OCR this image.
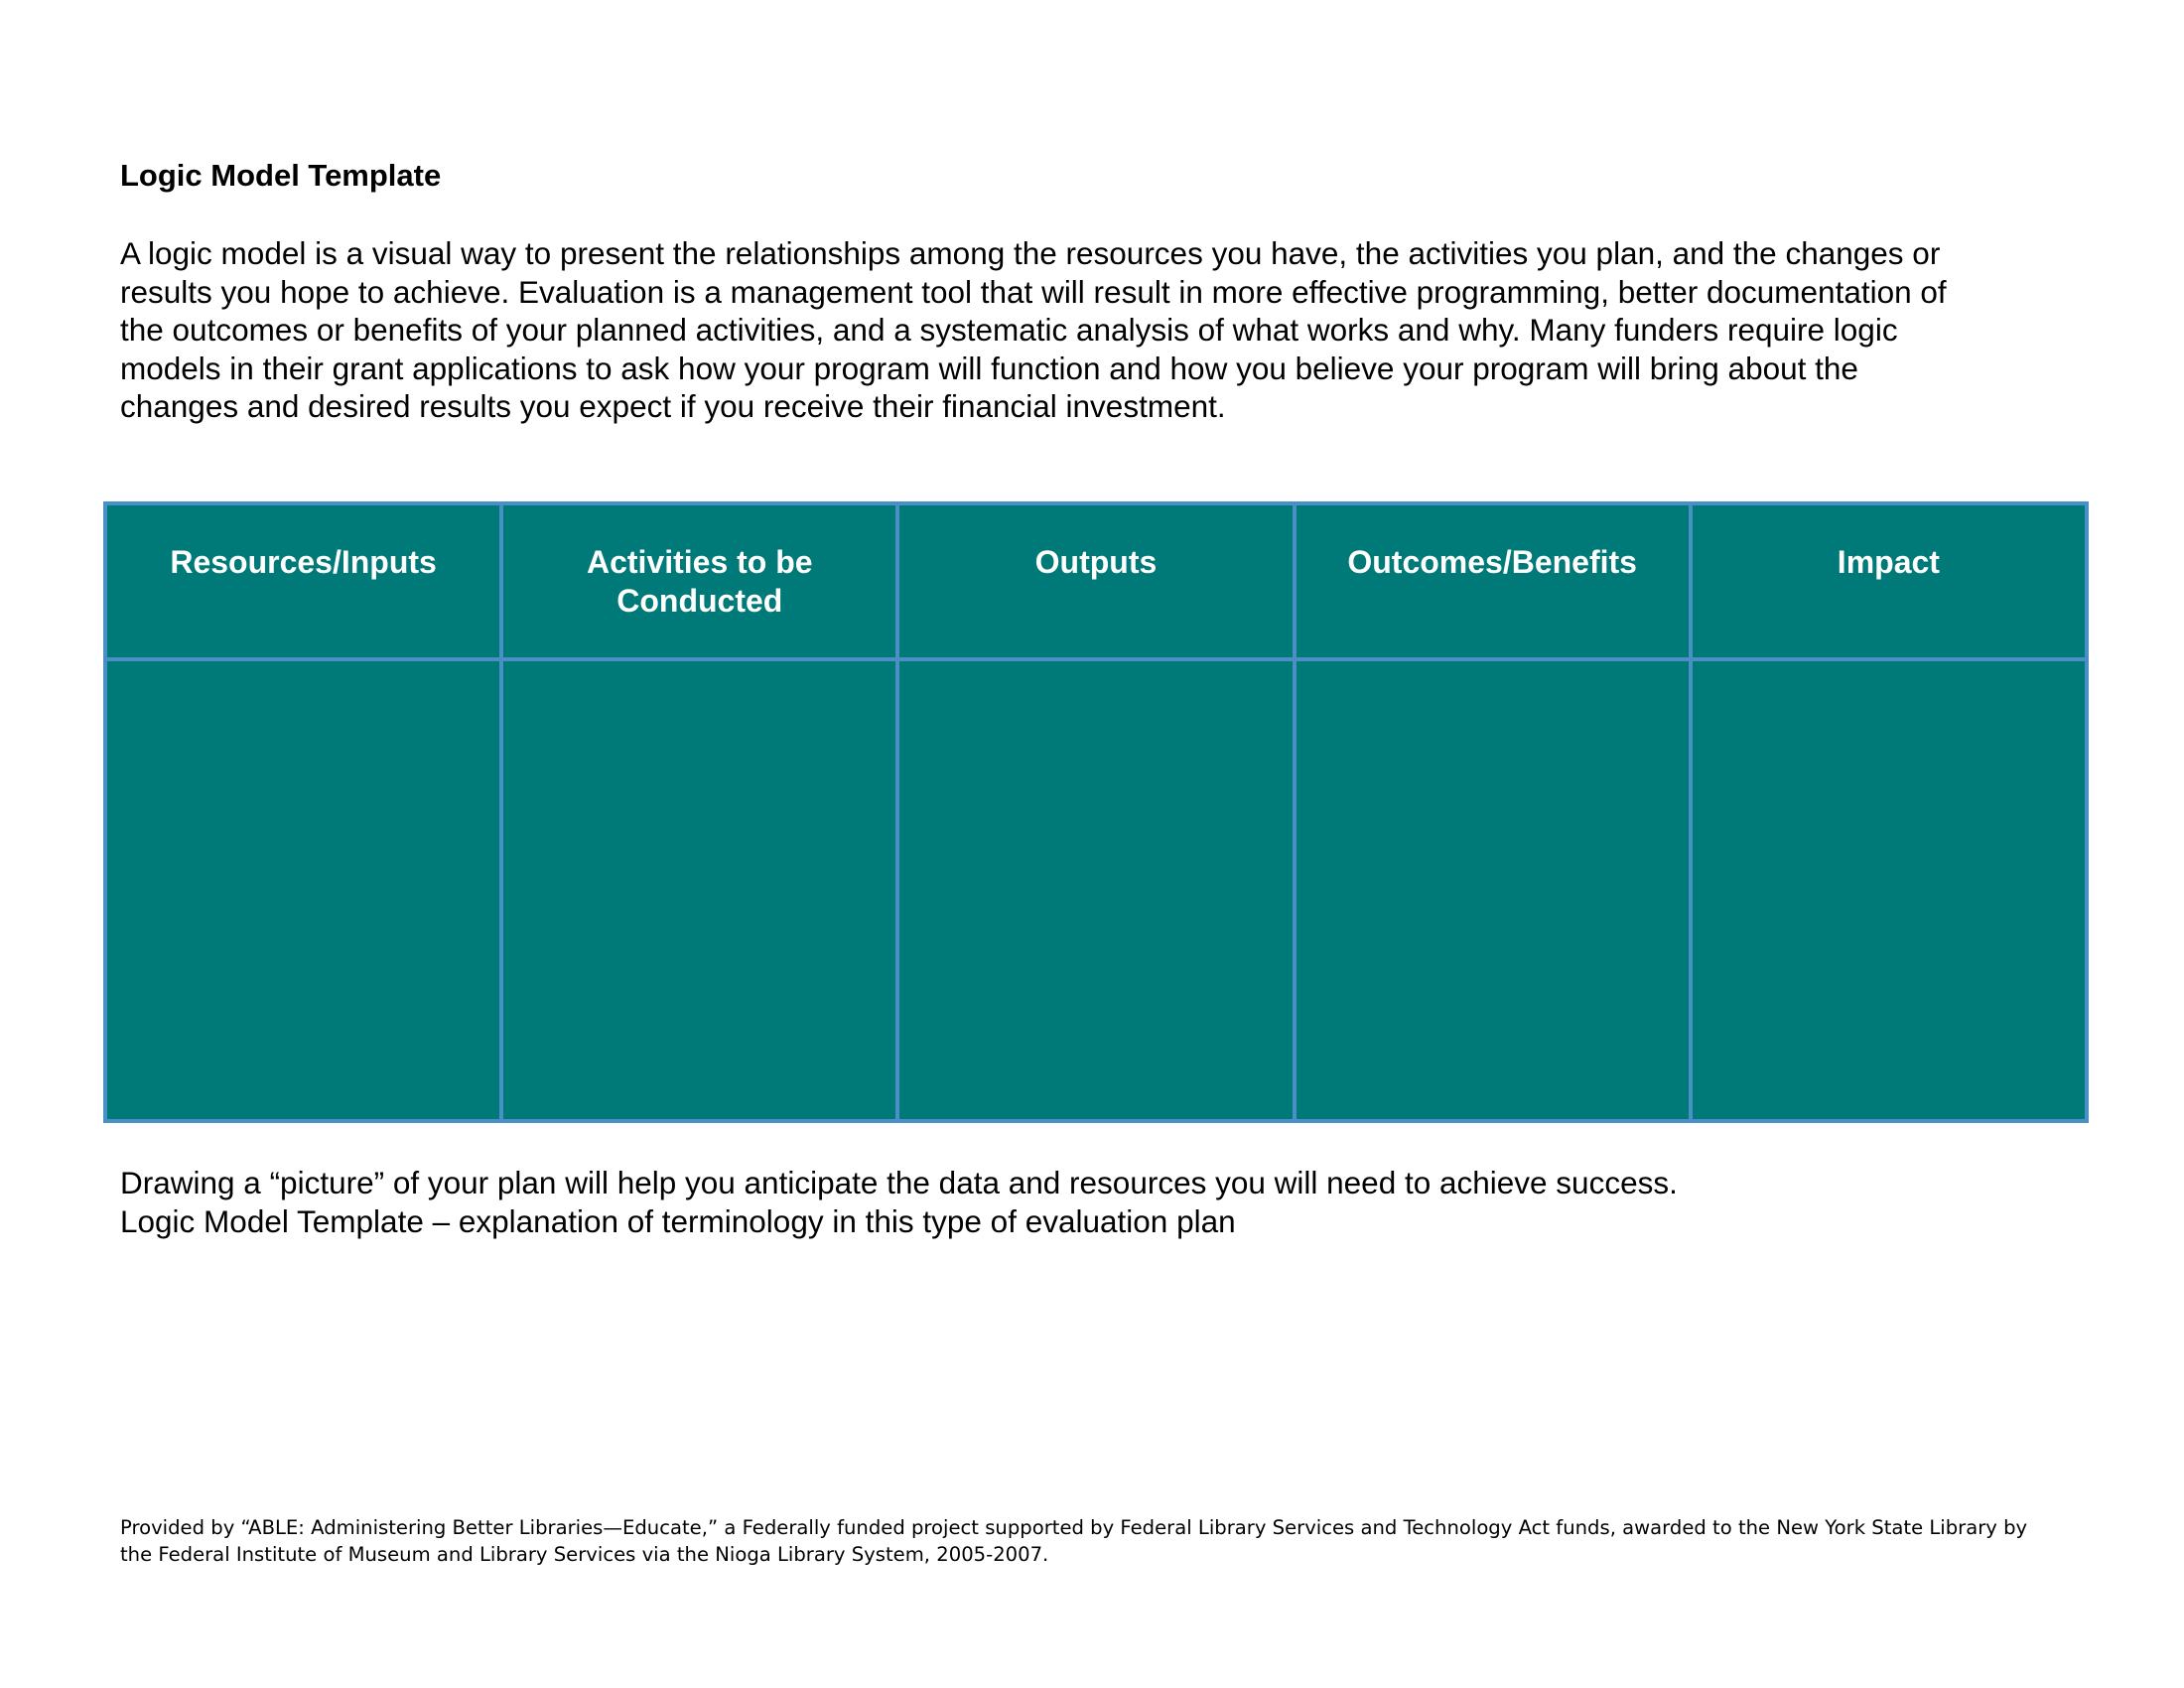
Logic Model Template
A logic model is a visual way to present the relationships among the resources you have, the activities you plan, and the changes or
results you hope to achieve. Evaluation is a management tool that will result in more effective programming, better documentation of
the outcomes or benefits of your planned activities, and a systematic analysis of what works and why. Many funders require logic
models in their grant applications to ask how your program will function and how you believe your program will bring about the
changes and desired results you expect if you receive their financial investment.
Resources/Inputs	Activities to be Conducted	Outputs	Outcomes/Benefits	Impact

Drawing a “picture” of your plan will help you anticipate the data and resources you will need to achieve success.
Logic Model Template – explanation of terminology in this type of evaluation plan
Provided by “ABLE: Administering Better Libraries—Educate,” a Federally funded project supported by Federal Library Services and Technology Act funds, awarded to the New York State Library by
the Federal Institute of Museum and Library Services via the Nioga Library System, 2005-2007.
